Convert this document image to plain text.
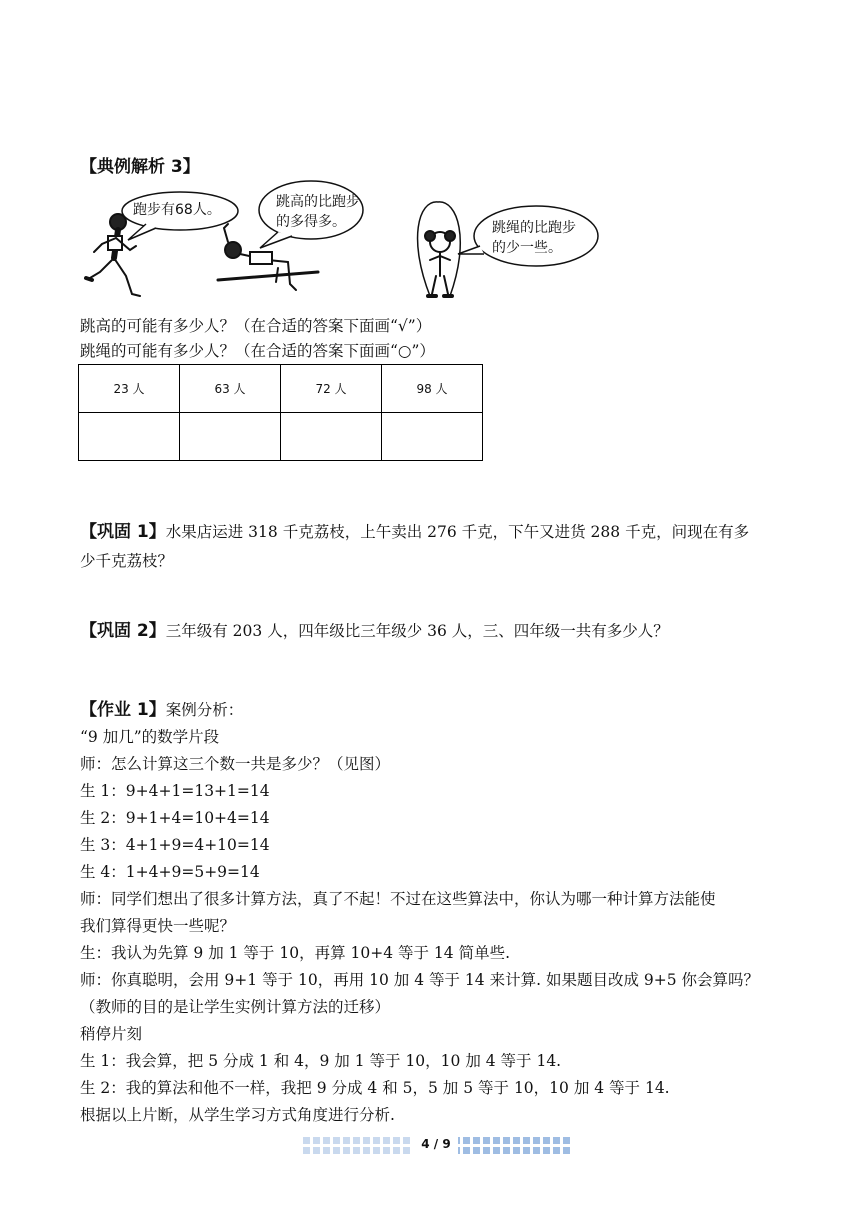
【典例解析 3】
跑步有68人。	跳高的比跑步
的多得多。	跳绳的比跑步
的少一些。
跳高的可能有多少人？（在合适的答案下面画“√”）
跳绳的可能有多少人？（在合适的答案下面画“○”）
23 人	63 人	72 人	98 人

【巩固 1】水果店运进 318 千克荔枝，上午卖出 276 千克，下午又进货 288 千克，问现在有多
少千克荔枝？
【巩固 2】三年级有 203 人，四年级比三年级少 36 人，三、四年级一共有多少人？
【作业 1】案例分析：
“9 加几”的数学片段
师：怎么计算这三个数一共是多少？（见图）
生 1：9+4+1=13+1=14
生 2：9+1+4=10+4=14
生 3：4+1+9=4+10=14
生 4：1+4+9=5+9=14
师：同学们想出了很多计算方法，真了不起！不过在这些算法中，你认为哪一种计算方法能使
我们算得更快一些呢？
生：我认为先算 9 加 1 等于 10，再算 10+4 等于 14 简单些.
师：你真聪明，会用 9+1 等于 10，再用 10 加 4 等于 14 来计算. 如果题目改成 9+5 你会算吗？
（教师的目的是让学生实例计算方法的迁移）
稍停片刻
生 1：我会算，把 5 分成 1 和 4，9 加 1 等于 10，10 加 4 等于 14.
生 2：我的算法和他不一样，我把 9 分成 4 和 5，5 加 5 等于 10，10 加 4 等于 14.
根据以上片断，从学生学习方式角度进行分析.
4 / 9
